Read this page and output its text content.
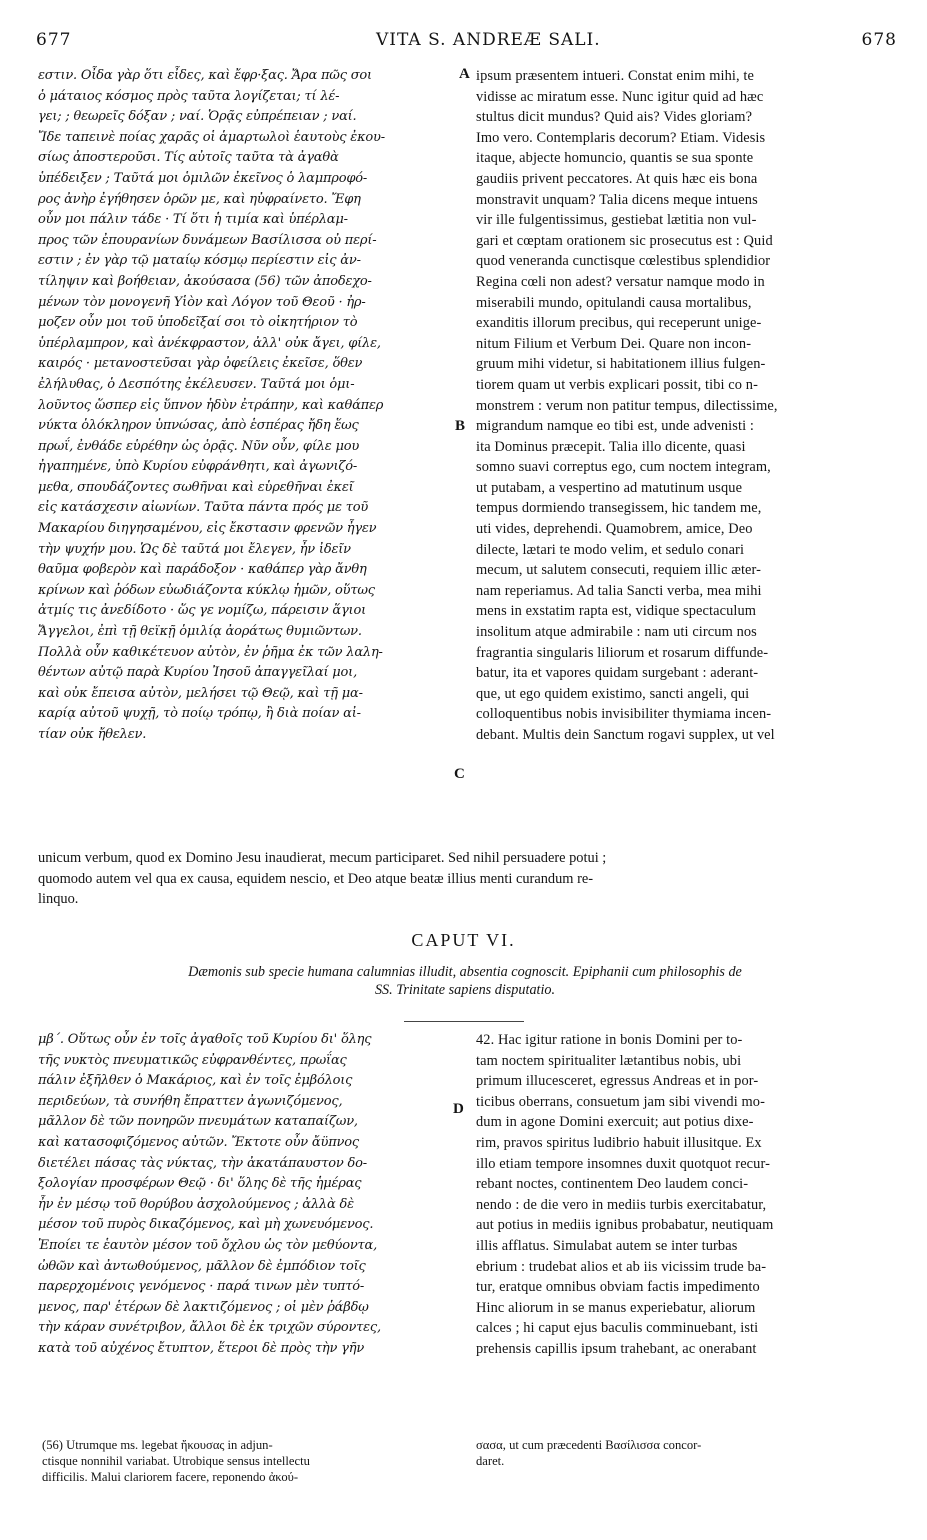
677	VITA S. ANDREÆ SALI.	678
A
B
C
D
εστιν. Οἶδα γὰρ ὅτι εἶδες, καὶ ἔφρ·ξας. Ἄρα πῶς σοι
ὁ μάταιος κόσμος πρὸς ταῦτα λογίζεται; τί λέ-
γει; ; θεωρεῖς δόξαν ; ναί. Ὁρᾷς εὐπρέπειαν ; ναί.
Ἴδε ταπεινὲ ποίας χαρᾶς οἱ ἁμαρτωλοὶ ἑαυτοὺς ἐκου-
σίως ἀποστεροῦσι. Τίς αὐτοῖς ταῦτα τὰ ἀγαθὰ
ὑπέδειξεν ; Ταῦτά μοι ὁμιλῶν ἐκεῖνος ὁ λαμπροφό-
ρος ἀνὴρ ἐγήθησεν ὁρῶν με, καὶ ηὐφραίνετο. Ἔφη
οὖν μοι πάλιν τάδε · Τί ὅτι ἡ τιμία καὶ ὑπέρλαμ-
προς τῶν ἐπουρανίων δυνάμεων Βασίλισσα οὐ περί-
εστιν ; ἐν γὰρ τῷ ματαίῳ κόσμῳ περίεστιν εἰς ἀν-
τίληψιν καὶ βοήθειαν, ἀκούσασα (56) τῶν ἀποδεχο-
μένων τὸν μονογενῆ Υἱὸν καὶ Λόγον τοῦ Θεοῦ · ἠρ-
μοζεν οὖν μοι τοῦ ὑποδεῖξαί σοι τὸ οἰκητήριον τὸ
ὑπέρλαμπρον, καὶ ἀνέκφραστον, ἀλλ' οὐκ ἄγει, φίλε,
καιρός · μετανοστεῦσαι γὰρ ὀφείλεις ἐκεῖσε, ὅθεν
ἐλήλυθας, ὁ Δεσπότης ἐκέλευσεν. Ταῦτά μοι ὁμι-
λοῦντος ὥσπερ εἰς ὕπνον ἡδὺν ἐτράπην, καὶ καθάπερ
νύκτα ὁλόκληρον ὑπνώσας, ἀπὸ ἑσπέρας ἤδη ἕως
πρωΐ, ἐνθάδε εὑρέθην ὡς ὁρᾷς. Νῦν οὖν, φίλε μου
ἠγαπημένε, ὑπὸ Κυρίου εὐφράνθητι, καὶ ἀγωνιζό-
μεθα, σπουδάζοντες σωθῆναι καὶ εὑρεθῆναι ἐκεῖ
εἰς κατάσχεσιν αἰωνίων. Ταῦτα πάντα πρός με τοῦ
Μακαρίου διηγησαμένου, εἰς ἔκστασιν φρενῶν ἦγεν
τὴν ψυχήν μου. Ὡς δὲ ταῦτά μοι ἔλεγεν, ἦν ἰδεῖν
θαῦμα φοβερὸν καὶ παράδοξον · καθάπερ γὰρ ἄνθη
κρίνων καὶ ῥόδων εὐωδιάζοντα κύκλῳ ἡμῶν, οὕτως
ἀτμίς τις ἀνεδίδοτο · ὥς γε νομίζω, πάρεισιν ἅγιοι
Ἄγγελοι, ἐπὶ τῇ θεϊκῇ ὁμιλίᾳ ἀοράτως θυμιῶντων.
Πολλὰ οὖν καθικέτευον αὐτὸν, ἐν ῥῆμα ἐκ τῶν λαλη-
θέντων αὐτῷ παρὰ Κυρίου Ἰησοῦ ἀπαγγεῖλαί μοι,
καὶ οὐκ ἔπεισα αὐτὸν, μελήσει τῷ Θεῷ, καὶ τῇ μα-
καρίᾳ αὐτοῦ ψυχῇ, τὸ ποίῳ τρόπῳ, ἢ διὰ ποίαν αἰ-
τίαν οὐκ ἤθελεν.
ipsum præsentem intueri. Constat enim mihi, te
vidisse ac miratum esse. Nunc igitur quid ad hæc
stultus dicit mundus? Quid ais? Vides gloriam?
Imo vero. Contemplaris decorum? Etiam. Videsis
itaque, abjecte homuncio, quantis se sua sponte
gaudiis privent peccatores. At quis hæc eis bona
monstravit unquam? Talia dicens meque intuens
vir ille fulgentissimus, gestiebat lætitia non vul-
gari et cœptam orationem sic prosecutus est : Quid
quod veneranda cunctisque cœlestibus splendidior
Regina cœli non adest? versatur namque modo in
miserabili mundo, opitulandi causa mortalibus,
exanditis illorum precibus, qui receperunt unige-
nitum Filium et Verbum Dei. Quare non incon-
gruum mihi videtur, si habitationem illius fulgen-
tiorem quam ut verbis explicari possit, tibi co n-
monstrem : verum non patitur tempus, dilectissime,
migrandum namque eo tibi est, unde advenisti :
ita Dominus præcepit. Talia illo dicente, quasi
somno suavi correptus ego, cum noctem integram,
ut putabam, a vespertino ad matutinum usque
tempus dormiendo transegissem, hic tandem me,
uti vides, deprehendi. Quamobrem, amice, Deo
dilecte, lætari te modo velim, et sedulo conari
mecum, ut salutem consecuti, requiem illic æter-
nam reperiamus. Ad talia Sancti verba, mea mihi
mens in exstatim rapta est, vidique spectaculum
insolitum atque admirabile : nam uti circum nos
fragrantia singularis liliorum et rosarum diffunde-
batur, ita et vapores quidam surgebant : aderant-
que, ut ego quidem existimo, sancti angeli, qui
colloquentibus nobis invisibiliter thymiama incen-
debant. Multis dein Sanctum rogavi supplex, ut vel
unicum verbum, quod ex Domino Jesu inaudierat, mecum participaret. Sed nihil persuadere potui ;
quomodo autem vel qua ex causa, equidem nescio, et Deo atque beatæ illius menti curandum re-
linquo.
CAPUT VI.
Dæmonis sub specie humana calumnias illudit, absentia cognoscit. Epiphanii cum philosophis de
SS. Trinitate sapiens disputatio.
μβ΄. Οὕτως οὖν ἐν τοῖς ἀγαθοῖς τοῦ Κυρίου δι' ὅλης
τῆς νυκτὸς πνευματικῶς εὐφρανθέντες, πρωΐας
πάλιν ἐξῆλθεν ὁ Μακάριος, καὶ ἐν τοῖς ἐμβόλοις
περιδεύων, τὰ συνήθη ἔπραττεν ἀγωνιζόμενος,
μᾶλλον δὲ τῶν πονηρῶν πνευμάτων καταπαίζων,
καὶ κατασοφιζόμενος αὐτῶν. Ἔκτοτε οὖν ἄϋπνος
διετέλει πάσας τὰς νύκτας, τὴν ἀκατάπαυστον δο-
ξολογίαν προσφέρων Θεῷ · δι' ὅλης δὲ τῆς ἡμέρας
ἦν ἐν μέσῳ τοῦ θορύβου ἀσχολούμενος ; ἀλλὰ δὲ
μέσον τοῦ πυρὸς δικαζόμενος, καὶ μὴ χωνευόμενος.
Ἐποίει τε ἑαυτὸν μέσον τοῦ ὄχλου ὡς τὸν μεθύοντα,
ὠθῶν καὶ ἀντωθούμενος, μᾶλλον δὲ ἐμπόδιον τοῖς
παρερχομένοις γενόμενος · παρά τινων μὲν τυπτό-
μενος, παρ' ἑτέρων δὲ λακτιζόμενος ; οἱ μὲν ῥάβδῳ
τὴν κάραν συνέτριβον, ἄλλοι δὲ ἐκ τριχῶν σύροντες,
κατὰ τοῦ αὐχένος ἔτυπτον, ἕτεροι δὲ πρὸς τὴν γῆν
42. Hac igitur ratione in bonis Domini per to-
tam noctem spiritualiter lætantibus nobis, ubi
primum illucesceret, egressus Andreas et in por-
ticibus oberrans, consuetum jam sibi vivendi mo-
dum in agone Domini exercuit; aut potius dixe-
rim, pravos spiritus ludibrio habuit illusitque. Ex
illo etiam tempore insomnes duxit quotquot recur-
rebant noctes, continentem Deo laudem conci-
nendo : de die vero in mediis turbis exercitabatur,
aut potius in mediis ignibus probabatur, neutiquam
illis afflatus. Simulabat autem se inter turbas
ebrium : trudebat alios et ab iis vicissim trude ba-
tur, eratque omnibus obviam factis impedimento
Hinc aliorum in se manus experiebatur, aliorum
calces ; hi caput ejus baculis comminuebant, isti
prehensis capillis ipsum trahebant, ac onerabant
(56) Utrumque ms. legebat ἤκουσας in adjun-
ctisque nonnihil variabat. Utrobique sensus intellectu
difficilis. Malui clariorem facere, reponendo ἀκού-
σασα, ut cum præcedenti Βασίλισσα concor-
daret.
